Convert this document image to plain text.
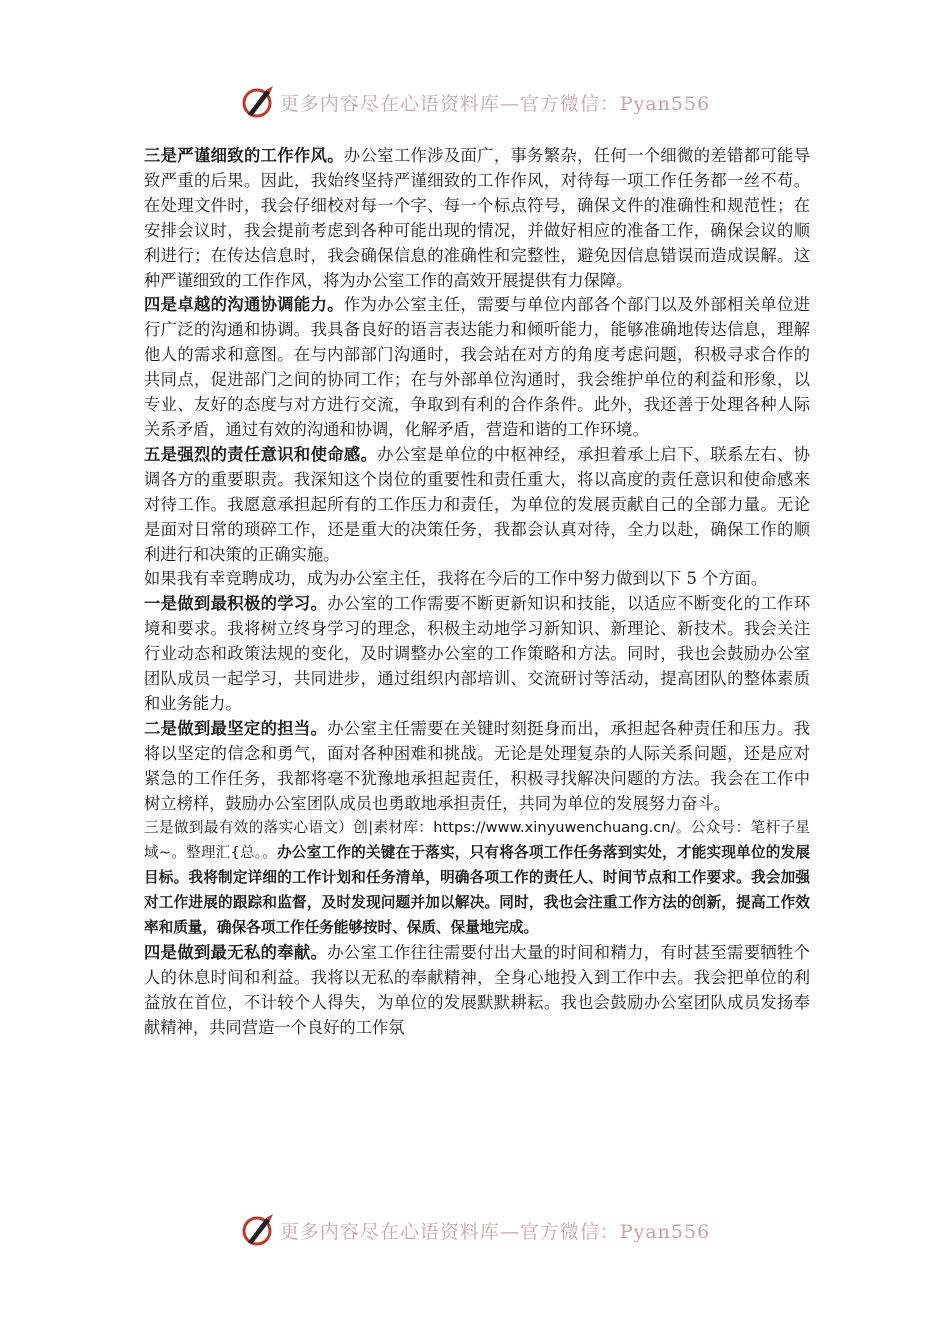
更多内容尽在心语资料库—官方微信：Pyan556

三是严谨细致的工作作风。办公室工作涉及面广，事务繁杂，任何一个细微的差错都可能导致严重的后果。因此，我始终坚持严谨细致的工作作风，对待每一项工作任务都一丝不苟。在处理文件时，我会仔细校对每一个字、每一个标点符号，确保文件的准确性和规范性；在安排会议时，我会提前考虑到各种可能出现的情况，并做好相应的准备工作，确保会议的顺利进行；在传达信息时，我会确保信息的准确性和完整性，避免因信息错误而造成误解。这种严谨细致的工作作风，将为办公室工作的高效开展提供有力保障。

四是卓越的沟通协调能力。作为办公室主任，需要与单位内部各个部门以及外部相关单位进行广泛的沟通和协调。我具备良好的语言表达能力和倾听能力，能够准确地传达信息，理解他人的需求和意图。在与内部部门沟通时，我会站在对方的角度考虑问题，积极寻求合作的共同点，促进部门之间的协同工作；在与外部单位沟通时，我会维护单位的利益和形象，以专业、友好的态度与对方进行交流，争取到有利的合作条件。此外，我还善于处理各种人际关系矛盾，通过有效的沟通和协调，化解矛盾，营造和谐的工作环境。

五是强烈的责任意识和使命感。办公室是单位的中枢神经，承担着承上启下、联系左右、协调各方的重要职责。我深知这个岗位的重要性和责任重大，将以高度的责任意识和使命感来对待工作。我愿意承担起所有的工作压力和责任，为单位的发展贡献自己的全部力量。无论是面对日常的琐碎工作，还是重大的决策任务，我都会认真对待，全力以赴，确保工作的顺利进行和决策的正确实施。

如果我有幸竞聘成功，成为办公室主任，我将在今后的工作中努力做到以下 5 个方面。

一是做到最积极的学习。办公室的工作需要不断更新知识和技能，以适应不断变化的工作环境和要求。我将树立终身学习的理念，积极主动地学习新知识、新理论、新技术。我会关注行业动态和政策法规的变化，及时调整办公室的工作策略和方法。同时，我也会鼓励办公室团队成员一起学习，共同进步，通过组织内部培训、交流研讨等活动，提高团队的整体素质和业务能力。

二是做到最坚定的担当。办公室主任需要在关键时刻挺身而出，承担起各种责任和压力。我将以坚定的信念和勇气，面对各种困难和挑战。无论是处理复杂的人际关系问题，还是应对紧急的工作任务，我都将毫不犹豫地承担起责任，积极寻找解决问题的方法。我会在工作中树立榜样，鼓励办公室团队成员也勇敢地承担责任，共同为单位的发展努力奋斗。

三是做到最有效的落实心语文）创|素材库：https://www.xinyuwenchuang.cn/。公众号：笔杆子星域~。整理汇{总。。办公室工作的关键在于落实，只有将各项工作任务落到实处，才能实现单位的发展目标。我将制定详细的工作计划和任务清单，明确各项工作的责任人、时间节点和工作要求。我会加强对工作进展的跟踪和监督，及时发现问题并加以解决。同时，我也会注重工作方法的创新，提高工作效率和质量，确保各项工作任务能够按时、保质、保量地完成。

四是做到最无私的奉献。办公室工作往往需要付出大量的时间和精力，有时甚至需要牺牲个人的休息时间和利益。我将以无私的奉献精神，全身心地投入到工作中去。我会把单位的利益放在首位，不计较个人得失，为单位的发展默默耕耘。我也会鼓励办公室团队成员发扬奉献精神，共同营造一个良好的工作氛

更多内容尽在心语资料库—官方微信：Pyan556
